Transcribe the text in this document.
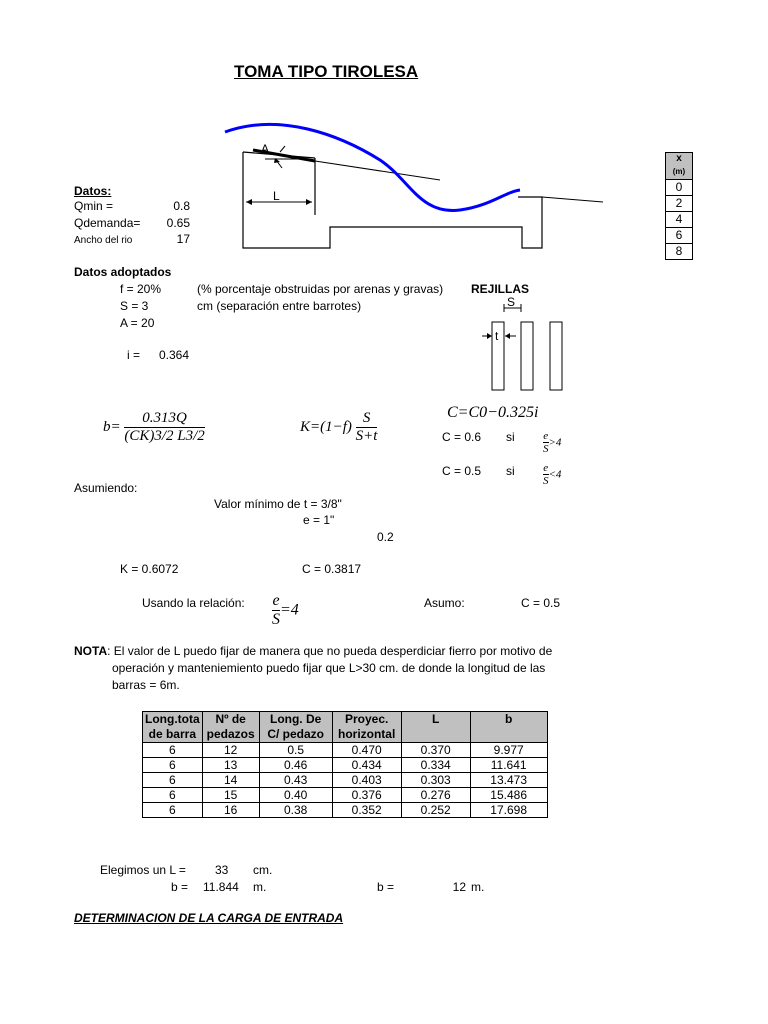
TOMA TIPO TIROLESA
A
L
x
(m)
0
2
4
6
8
Datos:
Qmin =	0.8
Qdemanda=	0.65
Ancho del rio	17
Datos adoptados
f = 20%	(% porcentaje obstruidas por arenas y gravas)
S = 3	cm (separación entre barrotes)
A = 20
i = 0.364
REJILLAS
S
t
$b= \frac{0.313Q}{(CK)3/2 L3/2}$	$K=(1-f) \frac{S}{S+t}$	C=C0−0.325i
C = 0.6 si	$\frac{e}{S} >4$
C = 0.5 si	$\frac{e}{S} <4$
Asumiendo:
Valor mínimo de t = 3/8"
e = 1"
0.2
K = 0.6072	C = 0.3817
Usando la relación: $\frac{e}{S} =4$	Asumo:	C = 0.5
NOTA: El valor de L puedo fijar de manera que no pueda desperdiciar fierro por motivo de
operación y manteniemiento puedo fijar que L>30 cm. de donde la longitud de las
barras = 6m.
Long.tota
de barra	Nº de
pedazos	Long. De
C/ pedazo	Proyec.
horizontal	L	b
6	12	0.5	0.470	0.370	9.977
6	13	0.46	0.434	0.334	11.641
6	14	0.43	0.403	0.303	13.473
6	15	0.40	0.376	0.276	15.486
6	16	0.38	0.352	0.252	17.698
Elegimos un L = 33 cm.
b = 11.844 m.	b =	12 m.
DETERMINACION DE LA CARGA DE ENTRADA
